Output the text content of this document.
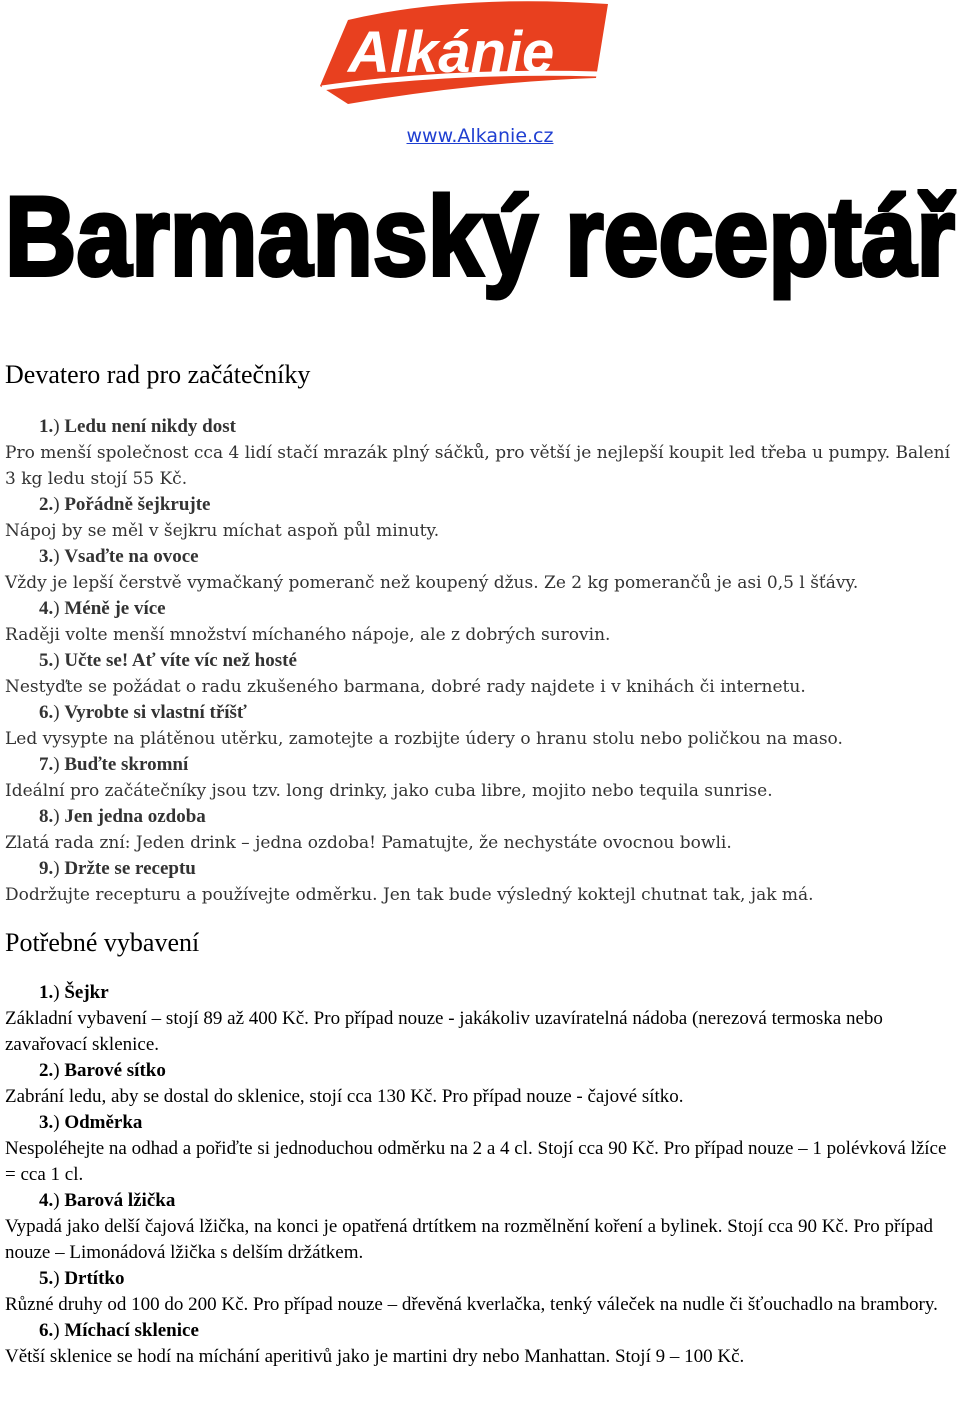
Alkánie
www.Alkanie.cz
Barmanský receptář
Devatero rad pro začátečníky
1.) Ledu není nikdy dost

Pro menší společnost cca 4 lidí stačí mrazák plný sáčků, pro větší je nejlepší koupit led třeba u pumpy. Balení 3 kg ledu stojí 55 Kč.

2.) Pořádně šejkrujte

Nápoj by se měl v šejkru míchat aspoň půl minuty.

3.) Vsaďte na ovoce

Vždy je lepší čerstvě vymačkaný pomeranč než koupený džus. Ze 2 kg pomerančů je asi 0,5 l šťávy.

4.) Méně je více

Raději volte menší množství míchaného nápoje, ale z dobrých surovin.

5.) Učte se! Ať víte víc než hosté

Nestyďte se požádat o radu zkušeného barmana, dobré rady najdete i v knihách či internetu.

6.) Vyrobte si vlastní tříšť

Led vysypte na plátěnou utěrku, zamotejte a rozbijte údery o hranu stolu nebo poličkou na maso.

7.) Buďte skromní

Ideální pro začátečníky jsou tzv. long drinky, jako cuba libre, mojito nebo tequila sunrise.

8.) Jen jedna ozdoba

Zlatá rada zní: Jeden drink – jedna ozdoba! Pamatujte, že nechystáte ovocnou bowli.

9.) Držte se receptu

Dodržujte recepturu a používejte odměrku. Jen tak bude výsledný koktejl chutnat tak, jak má.

Potřebné vybavení
1.) Šejkr

Základní vybavení – stojí 89 až 400 Kč. Pro případ nouze - jakákoliv uzavíratelná nádoba (nerezová termoska nebo zavařovací sklenice.

2.) Barové sítko

Zabrání ledu, aby se dostal do sklenice, stojí cca 130 Kč. Pro případ nouze - čajové sítko.

3.) Odměrka

Nespoléhejte na odhad a pořiďte si jednoduchou odměrku na 2 a 4 cl. Stojí cca 90 Kč. Pro případ nouze – 1 polévková lžíce = cca 1 cl.

4.) Barová lžička

Vypadá jako delší čajová lžička, na konci je opatřená drtítkem na rozmělnění koření a bylinek. Stojí cca 90 Kč. Pro případ nouze – Limonádová lžička s delším držátkem.

5.) Drtítko

Různé druhy od 100 do 200 Kč. Pro případ nouze – dřevěná kverlačka, tenký váleček na nudle či šťouchadlo na brambory.

6.) Míchací sklenice

Větší sklenice se hodí na míchání aperitivů jako je martini dry nebo Manhattan. Stojí 9 – 100 Kč.
